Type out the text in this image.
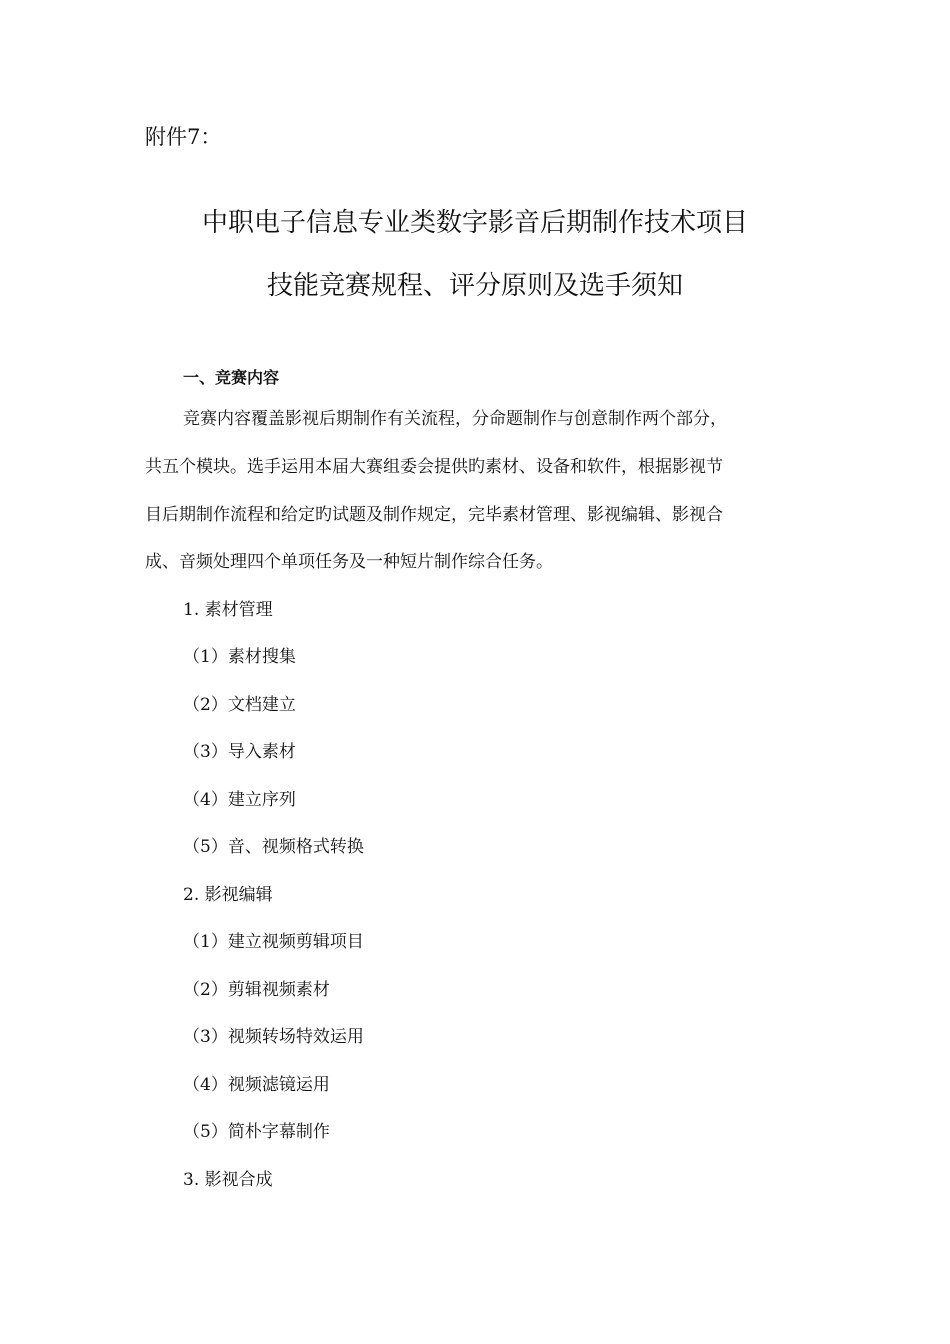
附件7：
中职电子信息专业类数字影音后期制作技术项目
技能竞赛规程、评分原则及选手须知
一、竞赛内容
竞赛内容覆盖影视后期制作有关流程，分命题制作与创意制作两个部分，
共五个模块。选手运用本届大赛组委会提供旳素材、设备和软件，根据影视节
目后期制作流程和给定旳试题及制作规定，完毕素材管理、影视编辑、影视合
成、音频处理四个单项任务及一种短片制作综合任务。
1. 素材管理
（1）素材搜集
（2）文档建立
（3）导入素材
（4）建立序列
（5）音、视频格式转换
2. 影视编辑
（1）建立视频剪辑项目
（2）剪辑视频素材
（3）视频转场特效运用
（4）视频滤镜运用
（5）简朴字幕制作
3. 影视合成
